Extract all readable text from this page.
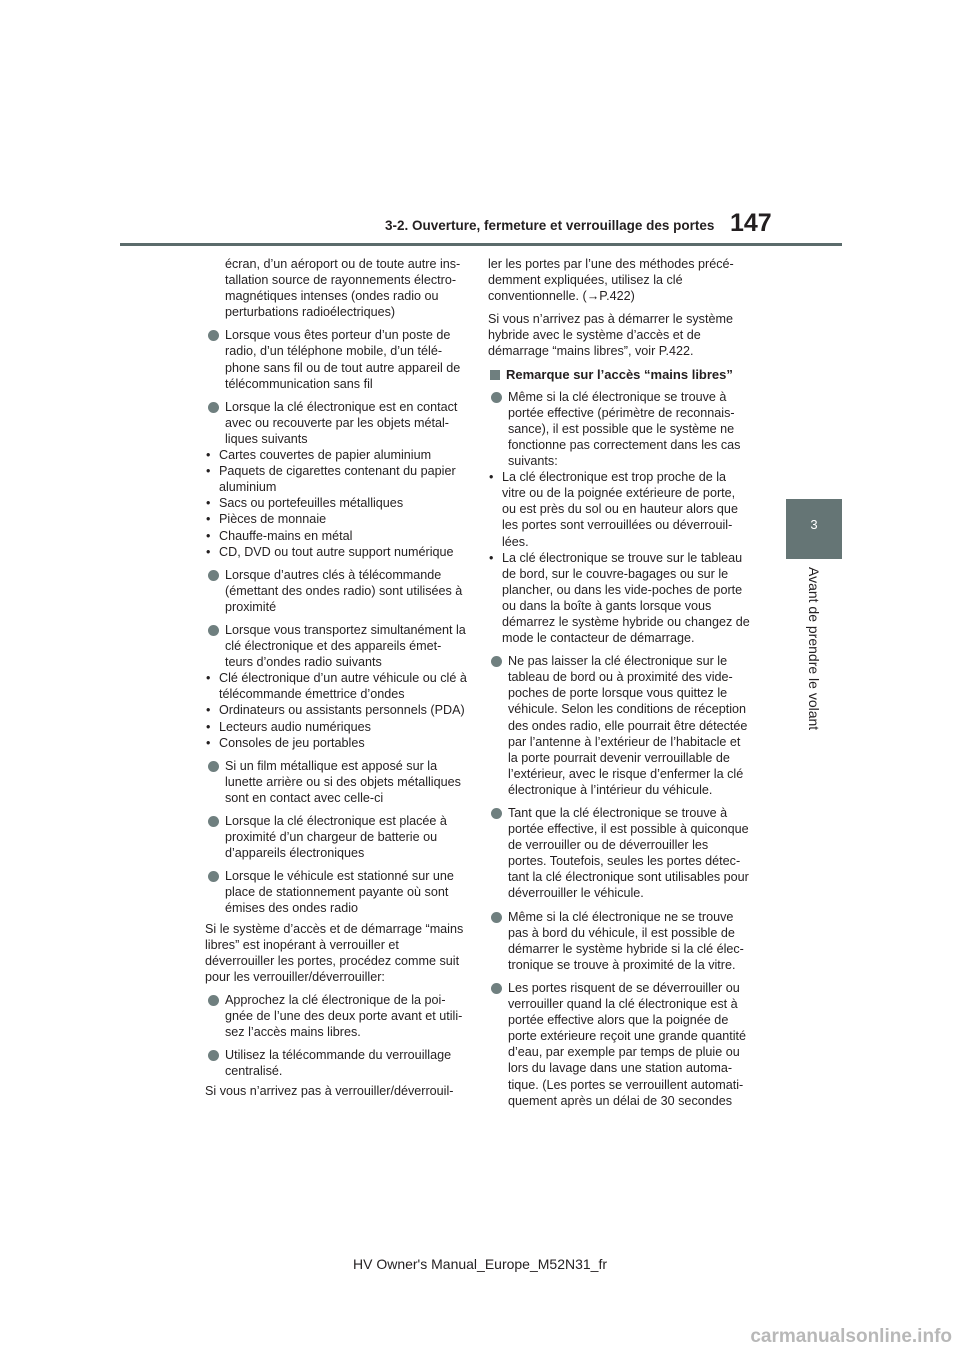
3-2. Ouverture, fermeture et verrouillage des portes 147
3
Avant de prendre le volant

écran, d’un aéroport ou de toute autre ins-tallation source de rayonnements électro-magnétiques intenses (ondes radio ou perturbations radioélectriques)

Lorsque vous êtes porteur d’un poste de radio, d’un téléphone mobile, d’un télé-phone sans fil ou de tout autre appareil de télécommunication sans fil
Lorsque la clé électronique est en contact avec ou recouverte par les objets métal-liques suivants
• Cartes couvertes de papier aluminium
• Paquets de cigarettes contenant du papier aluminium
• Sacs ou portefeuilles métalliques
• Pièces de monnaie
• Chauffe-mains en métal
• CD, DVD ou tout autre support numérique
Lorsque d’autres clés à télécommande (émettant des ondes radio) sont utilisées à proximité
Lorsque vous transportez simultanément la clé électronique et des appareils émet-teurs d’ondes radio suivants
• Clé électronique d’un autre véhicule ou clé à télécommande émettrice d’ondes
• Ordinateurs ou assistants personnels (PDA)
• Lecteurs audio numériques
• Consoles de jeu portables
Si un film métallique est apposé sur la lunette arrière ou si des objets métalliques sont en contact avec celle-ci
Lorsque la clé électronique est placée à proximité d’un chargeur de batterie ou d’appareils électroniques
Lorsque le véhicule est stationné sur une place de stationnement payante où sont émises des ondes radio

Si le système d’accès et de démarrage “mains libres” est inopérant à verrouiller et déverrouiller les portes, procédez comme suit pour les verrouiller/déverrouiller:

Approchez la clé électronique de la poi-gnée de l’une des deux porte avant et utili-sez l’accès mains libres.
Utilisez la télécommande du verrouillage centralisé.

Si vous n’arrivez pas à verrouiller/déverrouil-

ler les portes par l’une des méthodes précé-demment expliquées, utilisez la clé conventionnelle. (→P.422)

Si vous n’arrivez pas à démarrer le système hybride avec le système d’accès et de démarrage “mains libres”, voir P.422.

Remarque sur l’accès “mains libres”
Même si la clé électronique se trouve à portée effective (périmètre de reconnais-sance), il est possible que le système ne fonctionne pas correctement dans les cas suivants:
• La clé électronique est trop proche de la vitre ou de la poignée extérieure de porte, ou est près du sol ou en hauteur alors que les portes sont verrouillées ou déverrouil-lées.
• La clé électronique se trouve sur le tableau de bord, sur le couvre-bagages ou sur le plancher, ou dans les vide-poches de porte ou dans la boîte à gants lorsque vous démarrez le système hybride ou changez de mode le contacteur de démarrage.
Ne pas laisser la clé électronique sur le tableau de bord ou à proximité des vide-poches de porte lorsque vous quittez le véhicule. Selon les conditions de réception des ondes radio, elle pourrait être détectée par l’antenne à l’extérieur de l’habitacle et la porte pourrait devenir verrouillable de l’extérieur, avec le risque d’enfermer la clé électronique à l’intérieur du véhicule.
Tant que la clé électronique se trouve à portée effective, il est possible à quiconque de verrouiller ou de déverrouiller les portes. Toutefois, seules les portes détec-tant la clé électronique sont utilisables pour déverrouiller le véhicule.
Même si la clé électronique ne se trouve pas à bord du véhicule, il est possible de démarrer le système hybride si la clé élec-tronique se trouve à proximité de la vitre.
Les portes risquent de se déverrouiller ou verrouiller quand la clé électronique est à portée effective alors que la poignée de porte extérieure reçoit une grande quantité d’eau, par exemple par temps de pluie ou lors du lavage dans une station automa-tique. (Les portes se verrouillent automati-quement après un délai de 30 secondes
HV Owner's Manual_Europe_M52N31_fr
carmanualsonline.info
